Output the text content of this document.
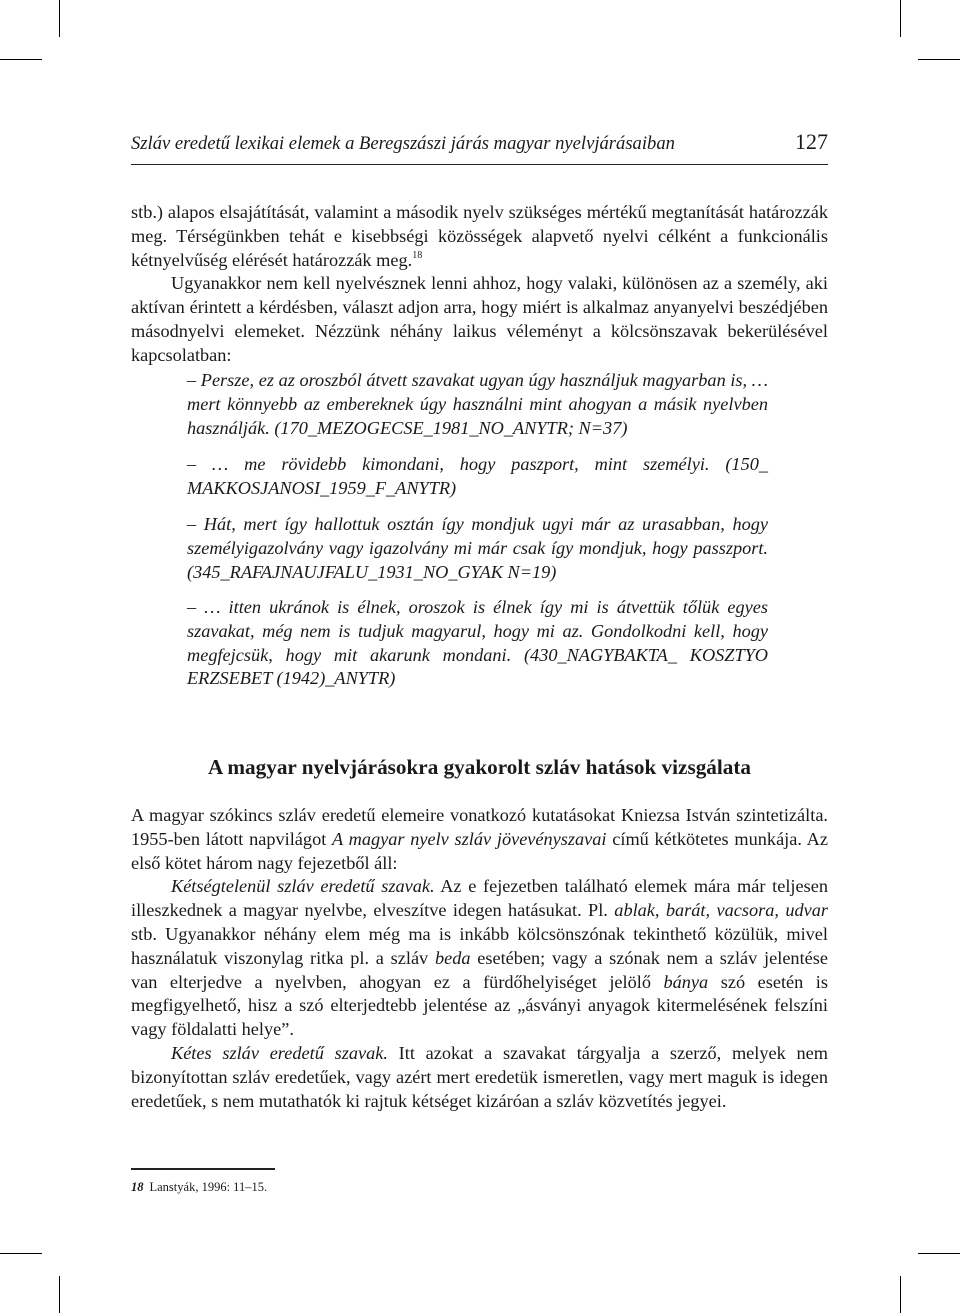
Szláv eredetű lexikai elemek a Beregszászi járás magyar nyelvjárásaiban	127

stb.) alapos elsajátítását, valamint a második nyelv szükséges mértékű megtanítását határozzák meg. Térségünkben tehát e kisebbségi közösségek alapvető nyelvi célként a funkcionális kétnyelvűség elérését határozzák meg.$^{18}$

Ugyanakkor nem kell nyelvésznek lenni ahhoz, hogy valaki, különösen az a személy, aki aktívan érintett a kérdésben, választ adjon arra, hogy miért is alkalmaz anyanyelvi beszédjében másodnyelvi elemeket. Nézzünk néhány laikus véleményt a kölcsönszavak bekerülésével kapcsolatban:

– Persze, ez az oroszból átvett szavakat ugyan úgy használjuk magyarban is, … mert könnyebb az embereknek úgy használni mint ahogyan a másik nyelvben használják. (170_MEZOGECSE_1981_NO_ANYTR; N=37)

– … me rövidebb kimondani, hogy paszport, mint személyi. (150_ MAKKOSJANOSI_1959_F_ANYTR)

– Hát, mert így hallottuk osztán így mondjuk ugyi már az urasabban, hogy személyigazolvány vagy igazolvány mi már csak így mondjuk, hogy passzport. (345_RAFAJNAUJFALU_1931_NO_GYAK N=19)

– … itten ukránok is élnek, oroszok is élnek így mi is átvettük tőlük egyes szavakat, még nem is tudjuk magyarul, hogy mi az. Gondolkodni kell, hogy megfejcsük, hogy mit akarunk mondani. (430_NAGYBAKTA_ KOSZTYO ERZSEBET (1942)_ANYTR)

A magyar nyelvjárásokra gyakorolt szláv hatások vizsgálata

A magyar szókincs szláv eredetű elemeire vonatkozó kutatásokat Kniezsa István szintetizálta. 1955-ben látott napvilágot A magyar nyelv szláv jövevényszavai című kétkötetes munkája. Az első kötet három nagy fejezetből áll:

Kétségtelenül szláv eredetű szavak. Az e fejezetben található elemek mára már teljesen illeszkednek a magyar nyelvbe, elveszítve idegen hatásukat. Pl. ablak, barát, vacsora, udvar stb. Ugyanakkor néhány elem még ma is inkább kölcsönszónak tekinthető közülük, mivel használatuk viszonylag ritka pl. a szláv beda esetében; vagy a szónak nem a szláv jelentése van elterjedve a nyelvben, ahogyan ez a fürdőhelyiséget jelölő bánya szó esetén is megfigyelhető, hisz a szó elterjedtebb jelentése az „ásványi anyagok kitermelésének felszíni vagy földalatti helye”.

Kétes szláv eredetű szavak. Itt azokat a szavakat tárgyalja a szerző, melyek nem bizonyítottan szláv eredetűek, vagy azért mert eredetük ismeretlen, vagy mert maguk is idegen eredetűek, s nem mutathatók ki rajtuk kétséget kizáróan a szláv közvetítés jegyei.

18 Lanstyák, 1996: 11–15.
